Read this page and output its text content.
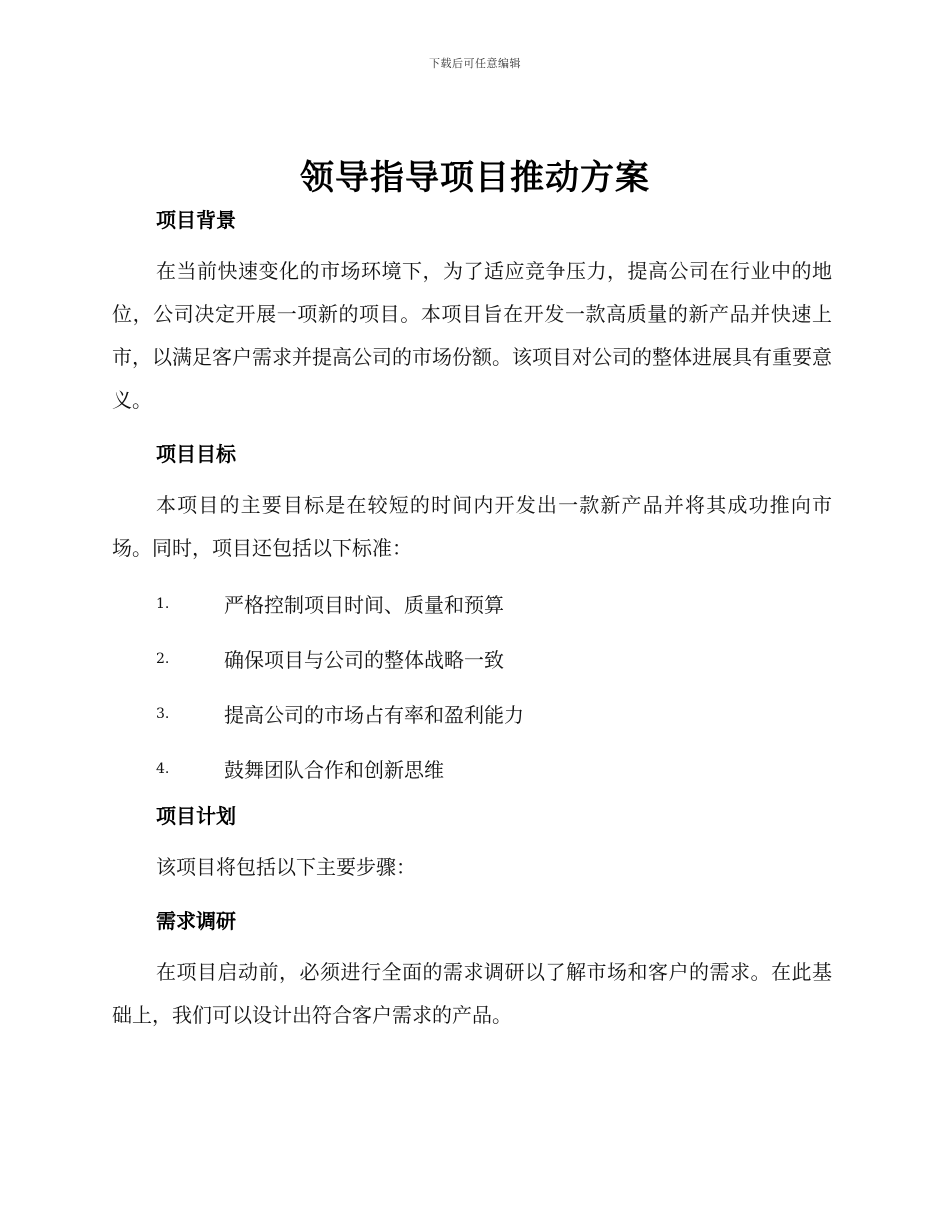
下载后可任意编辑
领导指导项目推动方案
项目背景

在当前快速变化的市场环境下，为了适应竞争压力，提高公司在行业中的地位，公司决定开展一项新的项目。本项目旨在开发一款高质量的新产品并快速上市，以满足客户需求并提高公司的市场份额。该项目对公司的整体进展具有重要意义。

项目目标

本项目的主要目标是在较短的时间内开发出一款新产品并将其成功推向市场。同时，项目还包括以下标准：

1.	严格控制项目时间、质量和预算
2.	确保项目与公司的整体战略一致
3.	提高公司的市场占有率和盈利能力
4.	鼓舞团队合作和创新思维
项目计划

该项目将包括以下主要步骤：

需求调研

在项目启动前，必须进行全面的需求调研以了解市场和客户的需求。在此基础上，我们可以设计出符合客户需求的产品。
